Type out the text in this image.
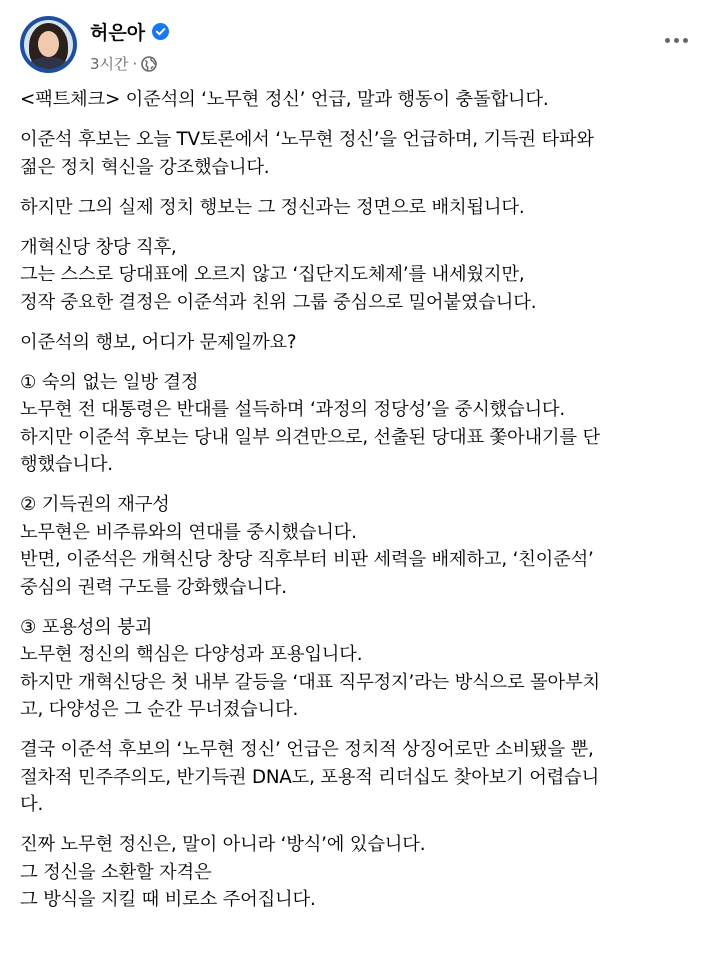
허은아
3시간 ·
<팩트체크> 이준석의 ‘노무현 정신’ 언급, 말과 행동이 충돌합니다.
이준석 후보는 오늘 TV토론에서 ‘노무현 정신’을 언급하며, 기득권 타파와
젊은 정치 혁신을 강조했습니다.
하지만 그의 실제 정치 행보는 그 정신과는 정면으로 배치됩니다.
개혁신당 창당 직후,
그는 스스로 당대표에 오르지 않고 ‘집단지도체제’를 내세웠지만,
정작 중요한 결정은 이준석과 친위 그룹 중심으로 밀어붙였습니다.
이준석의 행보, 어디가 문제일까요?
① 숙의 없는 일방 결정
노무현 전 대통령은 반대를 설득하며 ‘과정의 정당성’을 중시했습니다.
하지만 이준석 후보는 당내 일부 의견만으로, 선출된 당대표 쫓아내기를 단
행했습니다.
② 기득권의 재구성
노무현은 비주류와의 연대를 중시했습니다.
반면, 이준석은 개혁신당 창당 직후부터 비판 세력을 배제하고, ‘친이준석’
중심의 권력 구도를 강화했습니다.
③ 포용성의 붕괴
노무현 정신의 핵심은 다양성과 포용입니다.
하지만 개혁신당은 첫 내부 갈등을 ‘대표 직무정지’라는 방식으로 몰아부치
고, 다양성은 그 순간 무너졌습니다.
결국 이준석 후보의 ‘노무현 정신’ 언급은 정치적 상징어로만 소비됐을 뿐,
절차적 민주주의도, 반기득권 DNA도, 포용적 리더십도 찾아보기 어렵습니
다.
진짜 노무현 정신은, 말이 아니라 ‘방식’에 있습니다.
그 정신을 소환할 자격은
그 방식을 지킬 때 비로소 주어집니다.
